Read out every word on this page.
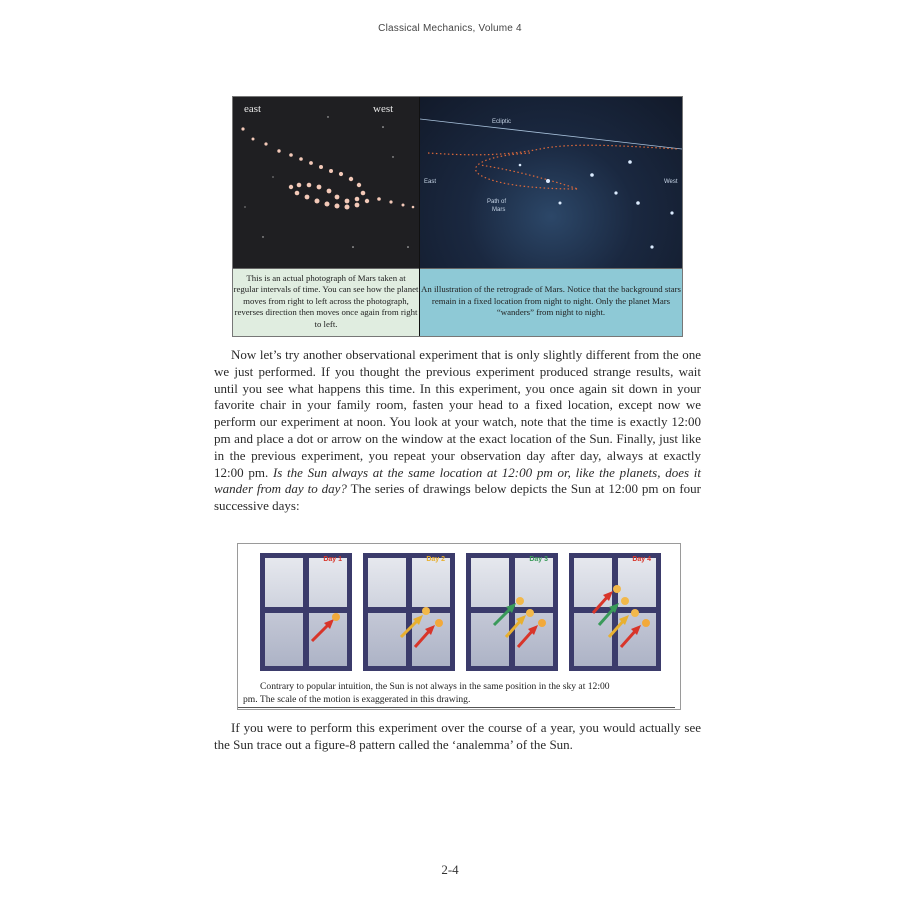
Classical Mechanics, Volume 4
east	west
Ecliptic
East	West
Path of
Mars
This is an actual photograph of Mars taken at regular intervals of time. You can see how the planet moves from right to left across the photograph, reverses direction then moves once again from right to left.
An illustration of the retrograde of Mars. Notice that the background stars remain in a fixed location from night to night. Only the planet Mars “wanders” from night to night.

Now let’s try another observational experiment that is only slightly different from the one we just performed. If you thought the previous experiment produced strange results, wait until you see what happens this time. In this experiment, you once again sit down in your favorite chair in your family room, fasten your head to a fixed location, except now we perform our experiment at noon. You look at your watch, note that the time is exactly 12:00 pm and place a dot or arrow on the window at the exact location of the Sun. Finally, just like in the previous experiment, you repeat your observation day after day, always at exactly 12:00 pm. Is the Sun always at the same location at 12:00 pm or, like the planets, does it wander from day to day? The series of drawings below depicts the Sun at 12:00 pm on four successive days:

Day 1	Day 2	Day 3	Day 4
Contrary to popular intuition, the Sun is not always in the same position in the sky at 12:00
pm. The scale of the motion is exaggerated in this drawing.

If you were to perform this experiment over the course of a year, you would actually see the Sun trace out a figure-8 pattern called the ‘analemma’ of the Sun.

2-4
